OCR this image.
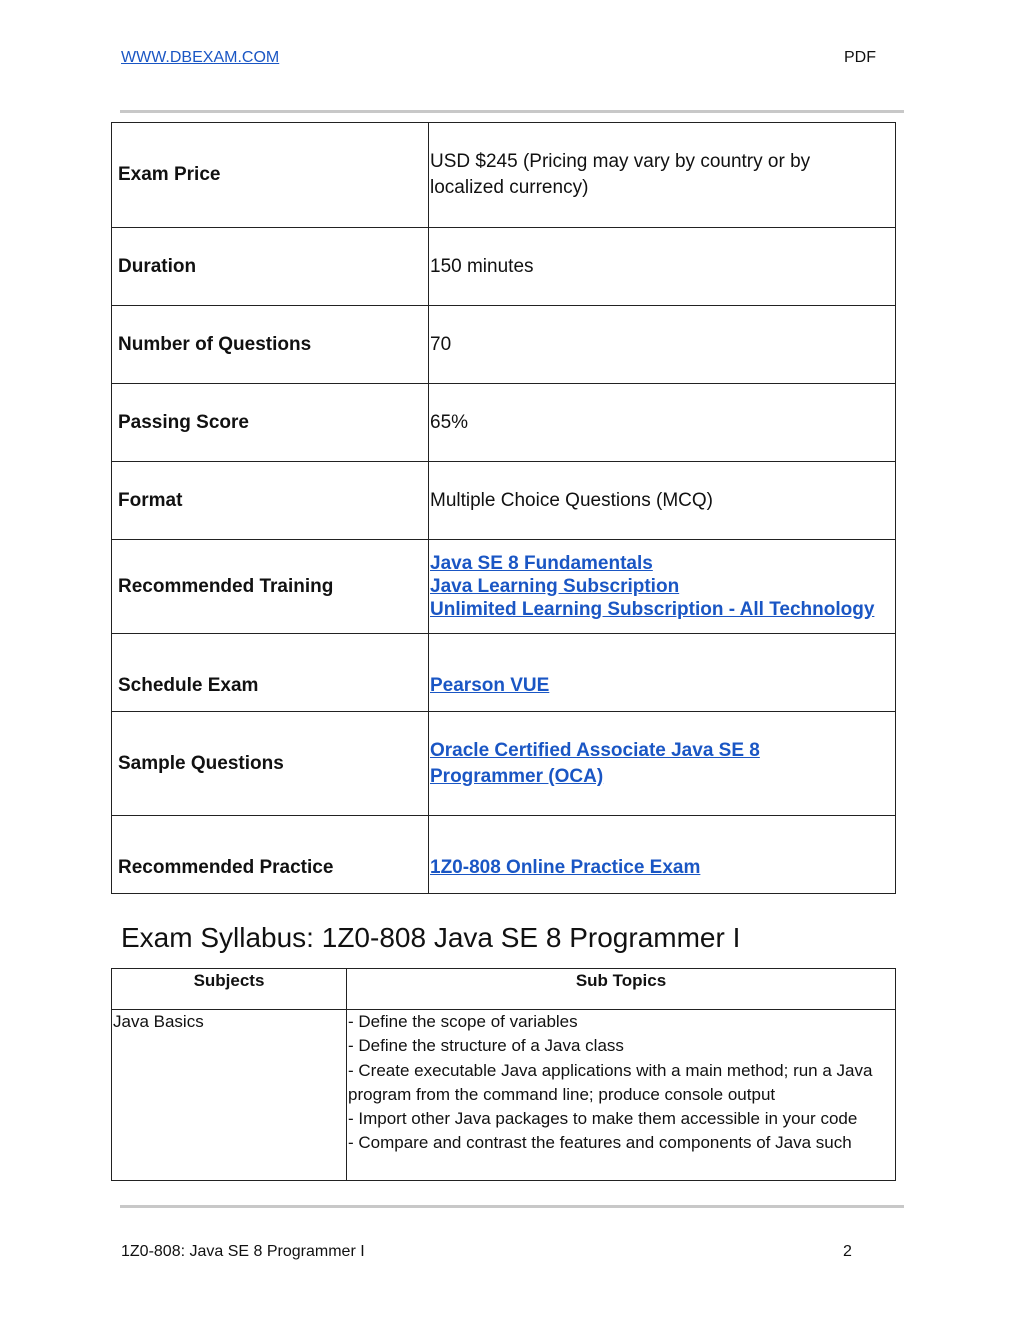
WWW.DBEXAM.COM	PDF
Exam Price	USD $245 (Pricing may vary by country or by localized currency)
Duration	150 minutes
Number of Questions	70
Passing Score	65%
Format	Multiple Choice Questions (MCQ)
Recommended Training	Java SE 8 Fundamentals
Java Learning Subscription
Unlimited Learning Subscription - All Technology

Schedule Exam	Pearson VUE
Sample Questions	Oracle Certified Associate Java SE 8 Programmer (OCA)
Recommended Practice	1Z0-808 Online Practice Exam
Exam Syllabus: 1Z0-808 Java SE 8 Programmer I
Subjects	Sub Topics
Java Basics	- Define the scope of variables
- Define the structure of a Java class
- Create executable Java applications with a main method; run a Java program from the command line; produce console output
- Import other Java packages to make them accessible in your code
- Compare and contrast the features and components of Java such
1Z0-808: Java SE 8 Programmer I	2
